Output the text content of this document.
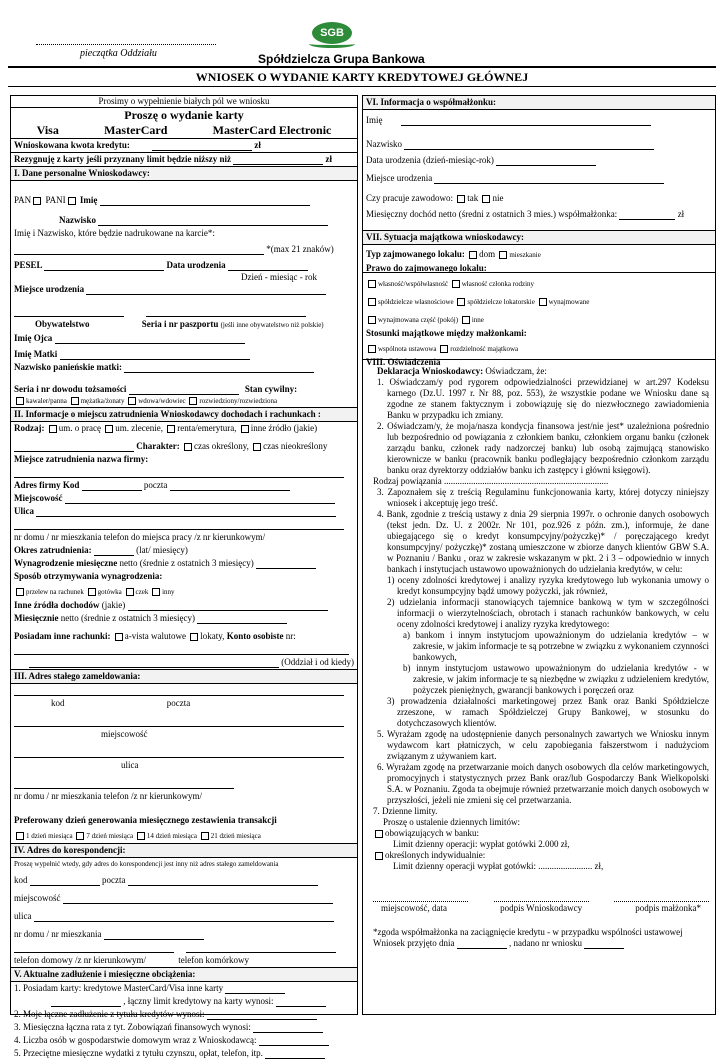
pieczątka Oddziału
SGB
Spółdzielcza Grupa Bankowa
WNIOSEK O WYDANIE KARTY KREDYTOWEJ GŁÓWNEJ
Prosimy o wypełnienie białych pól we wniosku
Proszę o wydanie karty
Visa	MasterCard	MasterCard Electronic
Wnioskowana kwota kredytu:	zł
Rezygnuję z karty jeśli przyznany limit będzie niższy niż	zł
I. Dane personalne Wnioskodawcy:
PAN PANI Imię
Nazwisko
Imię i Nazwisko, które będzie nadrukowane na karcie*:
*(max 21 znaków)
PESEL	Data urodzenia
Dzień - miesiąc - rok
Miejsce urodzenia

Obywatelstwo	Seria i nr paszportu (jeśli inne obywatelstwo niż polskie)
Imię Ojca
Imię Matki
Nazwisko panieńskie matki:
Seria i nr dowodu tożsamości	Stan cywilny:
kawaler/panna mężatka/żonaty wdowa/wdowiec rozwiedziony/rozwiedziona
II. Informacje o miejscu zatrudnienia Wnioskodawcy dochodach i rachunkach :
Rodzaj: um. o pracę um. zlecenie, renta/emerytura, inne źródło (jakie)
Charakter: czas określony, czas nieokreślony
Miejsce zatrudnienia nazwa firmy:
Adres firmy Kod	poczta
Miejscowość
Ulica
nr domu / nr mieszkania telefon do miejsca pracy /z nr kierunkowym/
Okres zatrudnienia:	(lat/ miesięcy)
Wynagrodzenie miesięczne netto (średnie z ostatnich 3 miesięcy)
Sposób otrzymywania wynagrodzenia:
przelew na rachunek gotówka czek inny
Inne źródła dochodów (jakie)
Miesięcznie netto (średnie z ostatnich 3 miesięcy)
Posiadam inne rachunki: a-vista walutowe lokaty, Konto osobiste nr:
(Oddział i od kiedy)
III. Adres stałego zameldowania:
kod	poczta
miejscowość
ulica
nr domu / nr mieszkania telefon /z nr kierunkowym/
Preferowany dzień generowania miesięcznego zestawienia transakcji
1 dzień miesiąca 7 dzień miesiąca 14 dzień miesiąca 21 dzień miesiąca
IV. Adres do korespondencji:
Proszę wypełnić wtedy, gdy adres do korespondencji jest inny niż adres stałego zameldowania
kod	poczta
miejscowość
ulica
nr domu / nr mieszkania

telefon domowy /z nr kierunkowym/	telefon komórkowy
V. Aktualne zadłużenie i miesięczne obciążenia:
1. Posiadam karty: kredytowe MasterCard/Visa inne karty
, łączny limit kredytowy na karty wynosi:
2. Moje łączne zadłużenie z tytułu kredytów wynosi:
3. Miesięczna łączna rata z tyt. Zobowiązań finansowych wynosi:
4. Liczba osób w gospodarstwie domowym wraz z Wnioskodawcą:
5. Przeciętne miesięczne wydatki z tytułu czynszu, opłat, telefon, itp.
VI. Informacja o współmałżonku:
Imię
Nazwisko
Data urodzenia (dzień-miesiąc-rok)
Miejsce urodzenia
Czy pracuje zawodowo: tak nie
Miesięczny dochód netto (średni z ostatnich 3 mies.) współmałżonka:	zł
VII. Sytuacja majątkowa wnioskodawcy:
Typ zajmowanego lokalu: dom mieszkanie
Prawo do zajmowanego lokalu:
własność/współwłasność własność członka rodziny
spółdzielcze własnościowe spółdzielcze lokatorskie wynajmowane
wynajmowana część (pokój) inne
Stosunki majątkowe między małżonkami:
wspólnota ustawowa rozdzielność majątkowa
VIII. Oświadczenia
Deklaracja Wnioskodawcy: Oświadczam, że:
1. Oświadczam/y pod rygorem odpowiedzialności przewidzianej w art.297 Kodeksu karnego (Dz.U. 1997 r. Nr 88, poz. 553), że wszystkie podane we Wniosku dane są zgodne ze stanem faktycznym i zobowiązuję się do niezwłocznego zawiadomienia Banku w przypadku ich zmiany.
2. Oświadczam/y, że moja/nasza kondycja finansowa jest/nie jest* uzależniona pośrednio lub bezpośrednio od powiązania z członkiem banku, członkiem organu banku (członek zarządu banku, członek rady nadzorczej banku) lub osobą zajmującą stanowisko kierownicze w banku (pracownik banku podległający bezpośrednio członkom zarządu banku oraz dyrektorzy oddziałów banku ich zastępcy i główni księgowi).
Rodzaj powiązania .........................................................................
3. Zapoznałem się z treścią Regulaminu funkcjonowania karty, której dotyczy niniejszy wniosek i akceptuję jego treść.
4. Bank, zgodnie z treścią ustawy z dnia 29 sierpnia 1997r. o ochronie danych osobowych (tekst jedn. Dz. U. z 2002r. Nr 101, poz.926 z późn. zm.), informuje, że dane ubiegającego się o kredyt konsumpcyjny/pożyczkę)* / poręczającego kredyt konsumpcyjny/ pożyczkę)* zostaną umieszczone w zbiorze danych klientów GBW S.A. w Poznaniu / Banku , oraz w zakresie wskazanym w pkt. 2 i 3 – odpowiednio w innych bankach i instytucjach ustawowo upoważnionych do udzielania kredytów, w celu:
1) oceny zdolności kredytowej i analizy ryzyka kredytowego lub wykonania umowy o kredyt konsumpcyjny bądź umowy pożyczki, jak również,
2) udzielania informacji stanowiących tajemnice bankową w tym w szczególności informacji o wierzytelnościach, obrotach i stanach rachunków bankowych, w celu oceny zdolności kredytowej i analizy ryzyka kredytowego:
a) bankom i innym instytucjom upoważnionym do udzielania kredytów – w zakresie, w jakim informacje te są potrzebne w związku z wykonaniem czynności bankowych,
b) innym instytucjom ustawowo upoważnionym do udzielania kredytów - w zakresie, w jakim informacje te są niezbędne w związku z udzieleniem kredytów, pożyczek pieniężnych, gwarancji bankowych i poręczeń oraz
3) prowadzenia działalności marketingowej przez Bank oraz Banki Spółdzielcze zrzeszone, w ramach Spółdzielczej Grupy Bankowej, w stosunku do dotychczasowych klientów.
5. Wyrażam zgodę na udostępnienie danych personalnych zawartych we Wniosku innym wydawcom kart płatniczych, w celu zapobiegania fałszerstwom i nadużyciom związanym z używaniem kart.
6. Wyrażam zgodę na przetwarzanie moich danych osobowych dla celów marketingowych, promocyjnych i statystycznych przez Bank oraz/lub Gospodarczy Bank Wielkopolski S.A. w Poznaniu. Zgoda ta obejmuje również przetwarzanie moich danych osobowych w przyszłości, jeżeli nie zmieni się cel przetwarzania.
7. Dzienne limity.
Proszę o ustalenie dziennych limitów:
obowiązujących w banku:
Limit dzienny operacji: wypłat gotówki 2.000 zł,
określonych indywidualnie:
Limit dzienny operacji wypłat gotówki: ........................ zł,
miejscowość, data	podpis Wnioskodawcy	podpis małżonka*
*zgoda współmałżonka na zaciągnięcie kredytu - w przypadku wspólności ustawowej
Wniosek przyjęto dnia	, nadano nr wniosku
